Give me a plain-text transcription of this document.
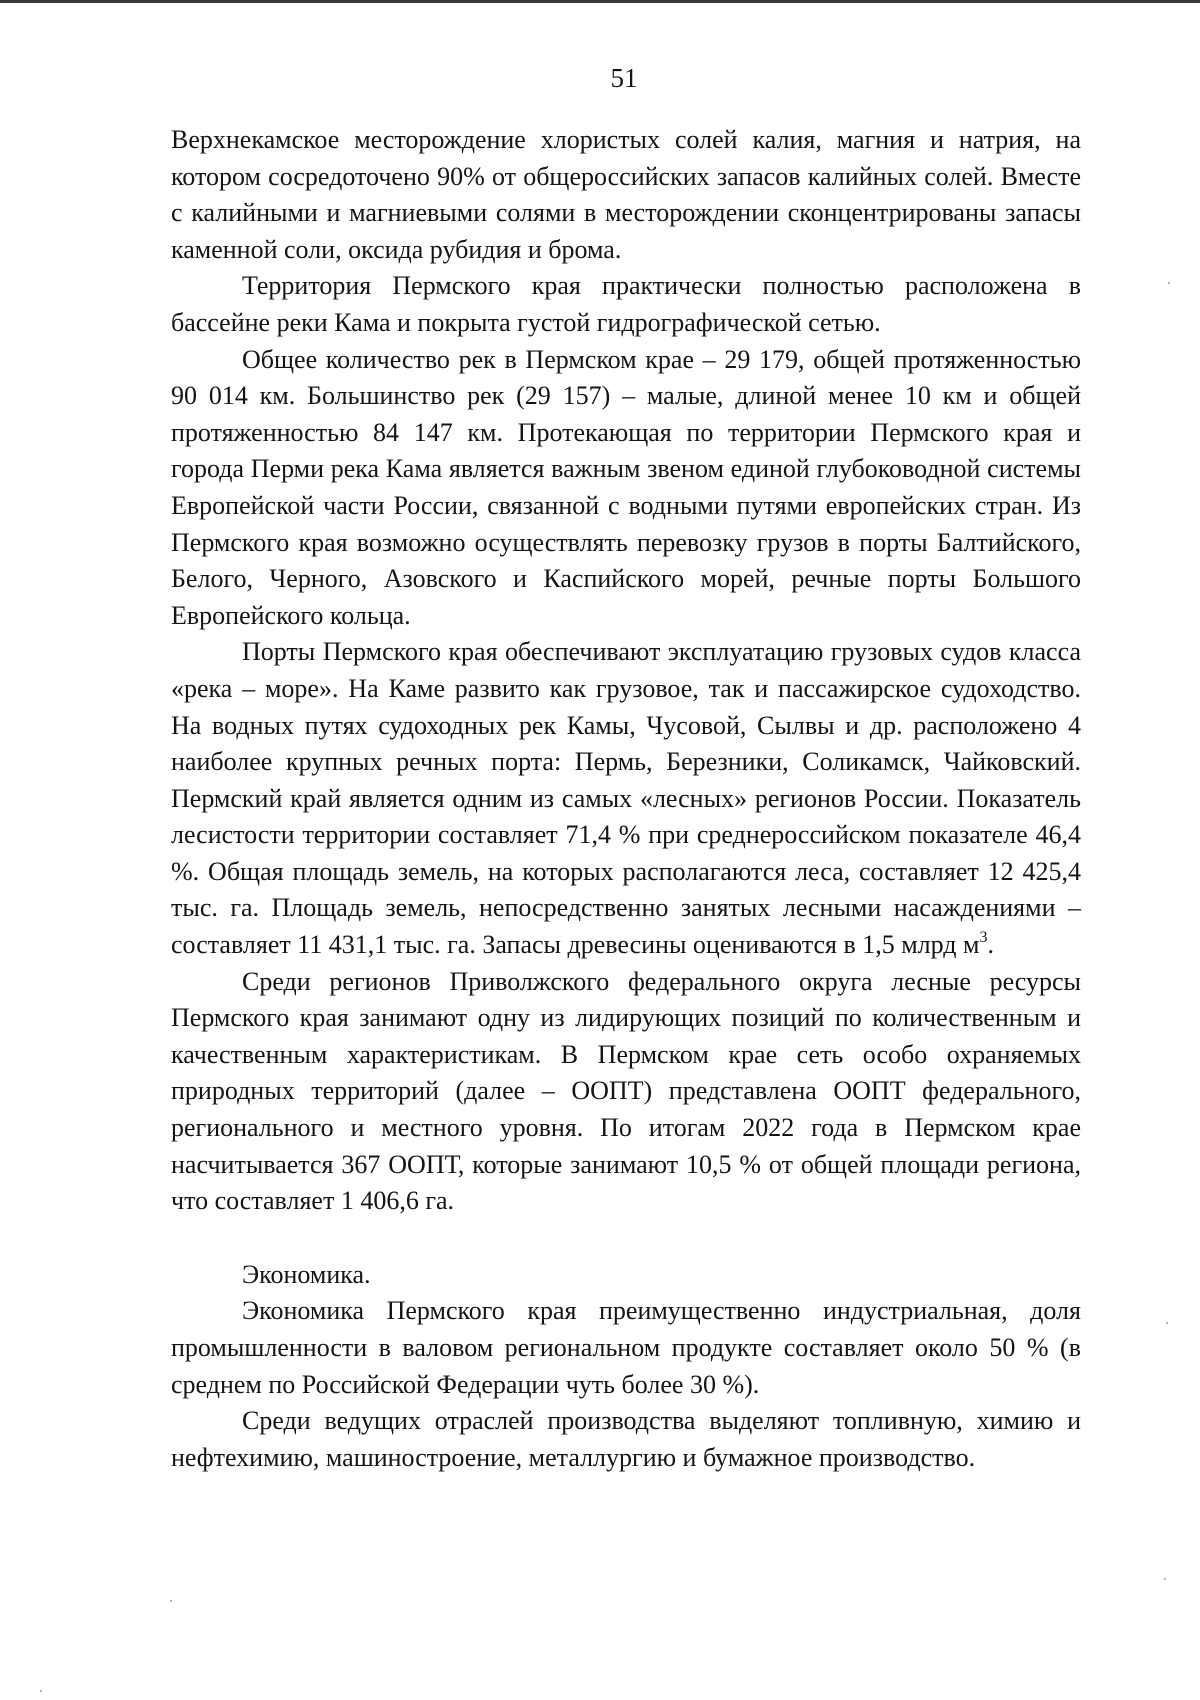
51

Верхнекамское месторождение хлористых солей калия, магния и натрия, на котором сосредоточено 90% от общероссийских запасов калийных солей. Вместе с калийными и магниевыми солями в месторождении сконцентрированы запасы каменной соли, оксида рубидия и брома.

Территория Пермского края практически полностью расположена в бассейне реки Кама и покрыта густой гидрографической сетью.

Общее количество рек в Пермском крае – 29 179, общей протяженностью 90 014 км. Большинство рек (29 157) – малые, длиной менее 10 км и общей протяженностью 84 147 км. Протекающая по территории Пермского края и города Перми река Кама является важным звеном единой глубоководной системы Европейской части России, связанной с водными путями европейских стран. Из Пермского края возможно осуществлять перевозку грузов в порты Балтийского, Белого, Черного, Азовского и Каспийского морей, речные порты Большого Европейского кольца.

Порты Пермского края обеспечивают эксплуатацию грузовых судов класса «река – море». На Каме развито как грузовое, так и пассажирское судоходство. На водных путях судоходных рек Камы, Чусовой, Сылвы и др. расположено 4 наиболее крупных речных порта: Пермь, Березники, Соликамск, Чайковский. Пермский край является одним из самых «лесных» регионов России. Показатель лесистости территории составляет 71,4 % при среднероссийском показателе 46,4 %. Общая площадь земель, на которых располагаются леса, составляет 12 425,4 тыс. га. Площадь земель, непосредственно занятых лесными насаждениями – составляет 11 431,1 тыс. га. Запасы древесины оцениваются в 1,5 млрд $м^3$.

Среди регионов Приволжского федерального округа лесные ресурсы Пермского края занимают одну из лидирующих позиций по количественным и качественным характеристикам. В Пермском крае сеть особо охраняемых природных территорий (далее – ООПТ) представлена ООПТ федерального, регионального и местного уровня. По итогам 2022 года в Пермском крае насчитывается 367 ООПТ, которые занимают 10,5 % от общей площади региона, что составляет 1 406,6 га.

Экономика.

Экономика Пермского края преимущественно индустриальная, доля промышленности в валовом региональном продукте составляет около 50 % (в среднем по Российской Федерации чуть более 30 %).

Среди ведущих отраслей производства выделяют топливную, химию и нефтехимию, машиностроение, металлургию и бумажное производство.
